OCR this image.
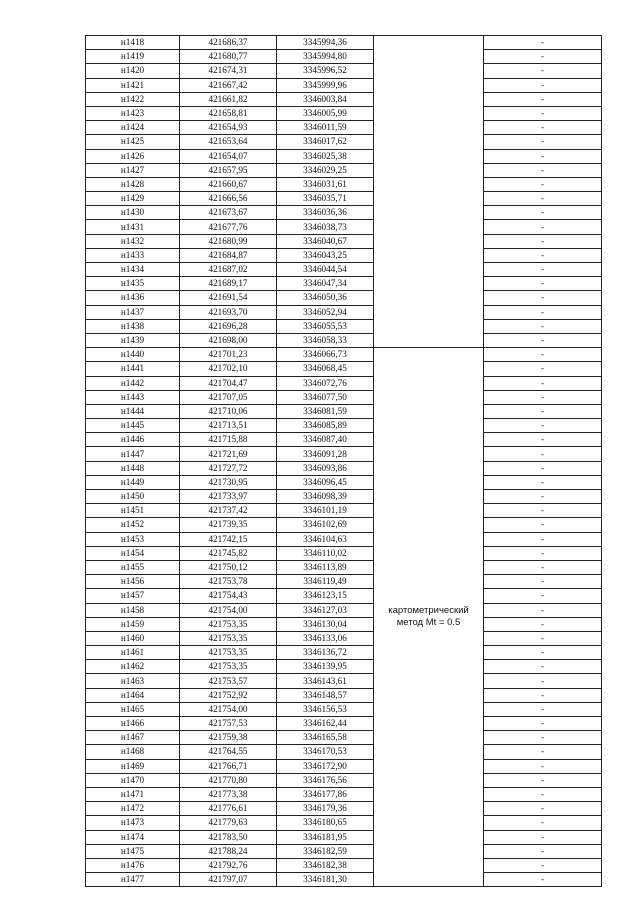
н1418	421686,37	3345994,36		-
н1419	421680,77	3345994,80		-
н1420	421674,31	3345996,52		-
н1421	421667,42	3345999,96		-
н1422	421661,82	3346003,84		-
н1423	421658,81	3346005,99		-
н1424	421654,93	3346011,59		-
н1425	421653,64	3346017,62		-
н1426	421654,07	3346025,38		-
н1427	421657,95	3346029,25		-
н1428	421660,67	3346031,61		-
н1429	421666,56	3346035,71		-
н1430	421673,67	3346036,36		-
н1431	421677,76	3346038,73		-
н1432	421680,99	3346040,67		-
н1433	421684,87	3346043,25		-
н1434	421687,02	3346044,54		-
н1435	421689,17	3346047,34		-
н1436	421691,54	3346050,36		-
н1437	421693,70	3346052,94		-
н1438	421696,28	3346055,53		-
н1439	421698,00	3346058,33		-
н1440	421701,23	3346066,73	картометрический метод Mt = 0.5	-
н1441	421702,10	3346068,45		-
н1442	421704,47	3346072,76		-
н1443	421707,05	3346077,50		-
н1444	421710,06	3346081,59		-
н1445	421713,51	3346085,89		-
н1446	421715,88	3346087,40		-
н1447	421721,69	3346091,28		-
н1448	421727,72	3346093,86		-
н1449	421730,95	3346096,45		-
н1450	421733,97	3346098,39		-
н1451	421737,42	3346101,19		-
н1452	421739,35	3346102,69		-
н1453	421742,15	3346104,63		-
н1454	421745,82	3346110,02		-
н1455	421750,12	3346113,89		-
н1456	421753,78	3346119,49		-
н1457	421754,43	3346123,15		-
н1458	421754,00	3346127,03		-
н1459	421753,35	3346130,04		-
н1460	421753,35	3346133,06		-
н1461	421753,35	3346136,72		-
н1462	421753,35	3346139,95		-
н1463	421753,57	3346143,61		-
н1464	421752,92	3346148,57		-
н1465	421754,00	3346156,53		-
н1466	421757,53	3346162,44		-
н1467	421759,38	3346165,58		-
н1468	421764,55	3346170,53		-
н1469	421766,71	3346172,90		-
н1470	421770,80	3346176,56		-
н1471	421773,38	3346177,86		-
н1472	421776,61	3346179,36		-
н1473	421779,63	3346180,65		-
н1474	421783,50	3346181,95		-
н1475	421788,24	3346182,59		-
н1476	421792,76	3346182,38		-
н1477	421797,07	3346181,30		-
